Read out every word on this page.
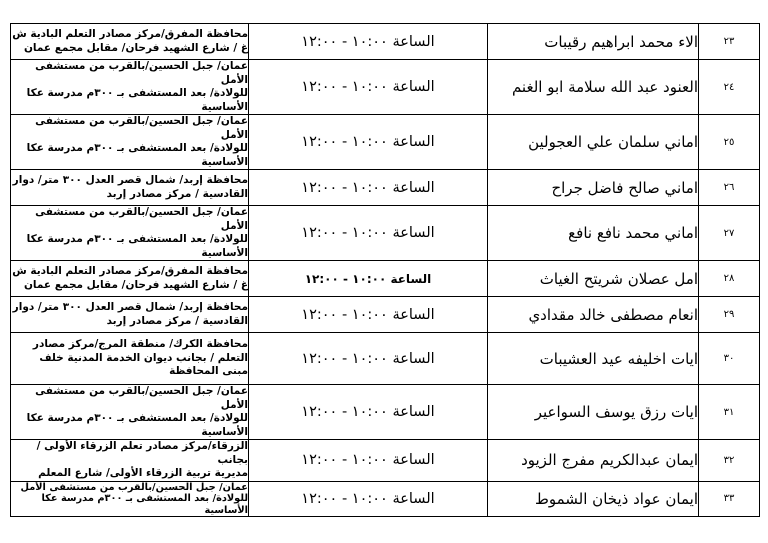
٢٣	الاء محمد ابراهيم رقيبات	الساعة ١٠:٠٠ - ١٢:٠٠	محافظة المفرق/مركز مصادر التعلم البادية ش
غ / شارع الشهيد فرحان/ مقابل مجمع عمان

٢٤	العنود عبد الله سلامة ابو الغنم	الساعة ١٠:٠٠ - ١٢:٠٠	عمان/ جبل الحسين/بالقرب من مستشفى الأمل
للولادة/ بعد المستشفى بـ ٣٠٠م مدرسة عكا
الأساسية

٢٥	اماني سلمان علي العجولين	الساعة ١٠:٠٠ - ١٢:٠٠	عمان/ جبل الحسين/بالقرب من مستشفى الأمل
للولادة/ بعد المستشفى بـ ٣٠٠م مدرسة عكا
الأساسية

٢٦	اماني صالح فاضل جراح	الساعة ١٠:٠٠ - ١٢:٠٠	محافظة إربد/ شمال قصر العدل ٣٠٠ متر/ دوار
القادسية / مركز مصادر إربد

٢٧	اماني محمد نافع نافع	الساعة ١٠:٠٠ - ١٢:٠٠	عمان/ جبل الحسين/بالقرب من مستشفى الأمل
للولادة/ بعد المستشفى بـ ٣٠٠م مدرسة عكا
الأساسية

٢٨	امل عصلان شريتح الغياث	الساعة ١٠:٠٠ - ١٢:٠٠	محافظة المفرق/مركز مصادر التعلم البادية ش
غ / شارع الشهيد فرحان/ مقابل مجمع عمان

٢٩	انعام مصطفى خالد مقدادي	الساعة ١٠:٠٠ - ١٢:٠٠	محافظة إربد/ شمال قصر العدل ٣٠٠ متر/ دوار
القادسية / مركز مصادر إربد

٣٠	ايات اخليفه عيد العشيبات	الساعة ١٠:٠٠ - ١٢:٠٠	محافظة الكرك/ منطقة المرج/مركز مصادر
التعلم / بجانب ديوان الخدمة المدنية خلف
مبنى المحافظة

٣١	ايات رزق يوسف السواعير	الساعة ١٠:٠٠ - ١٢:٠٠	عمان/ جبل الحسين/بالقرب من مستشفى الأمل
للولادة/ بعد المستشفى بـ ٣٠٠م مدرسة عكا
الأساسية

٣٢	ايمان عبدالكريم مفرج الزيود	الساعة ١٠:٠٠ - ١٢:٠٠	الزرقاء/مركز مصادر تعلم الزرقاء الأولى /بجانب
مديرية تربية الزرقاء الأولى/ شارع المعلم

٣٣	ايمان عواد ذيخان الشموط	الساعة ١٠:٠٠ - ١٢:٠٠	عمان/ جبل الحسين/بالقرب من مستشفى الأمل
للولادة/ بعد المستشفى بـ ٣٠٠م مدرسة عكا الأساسية
